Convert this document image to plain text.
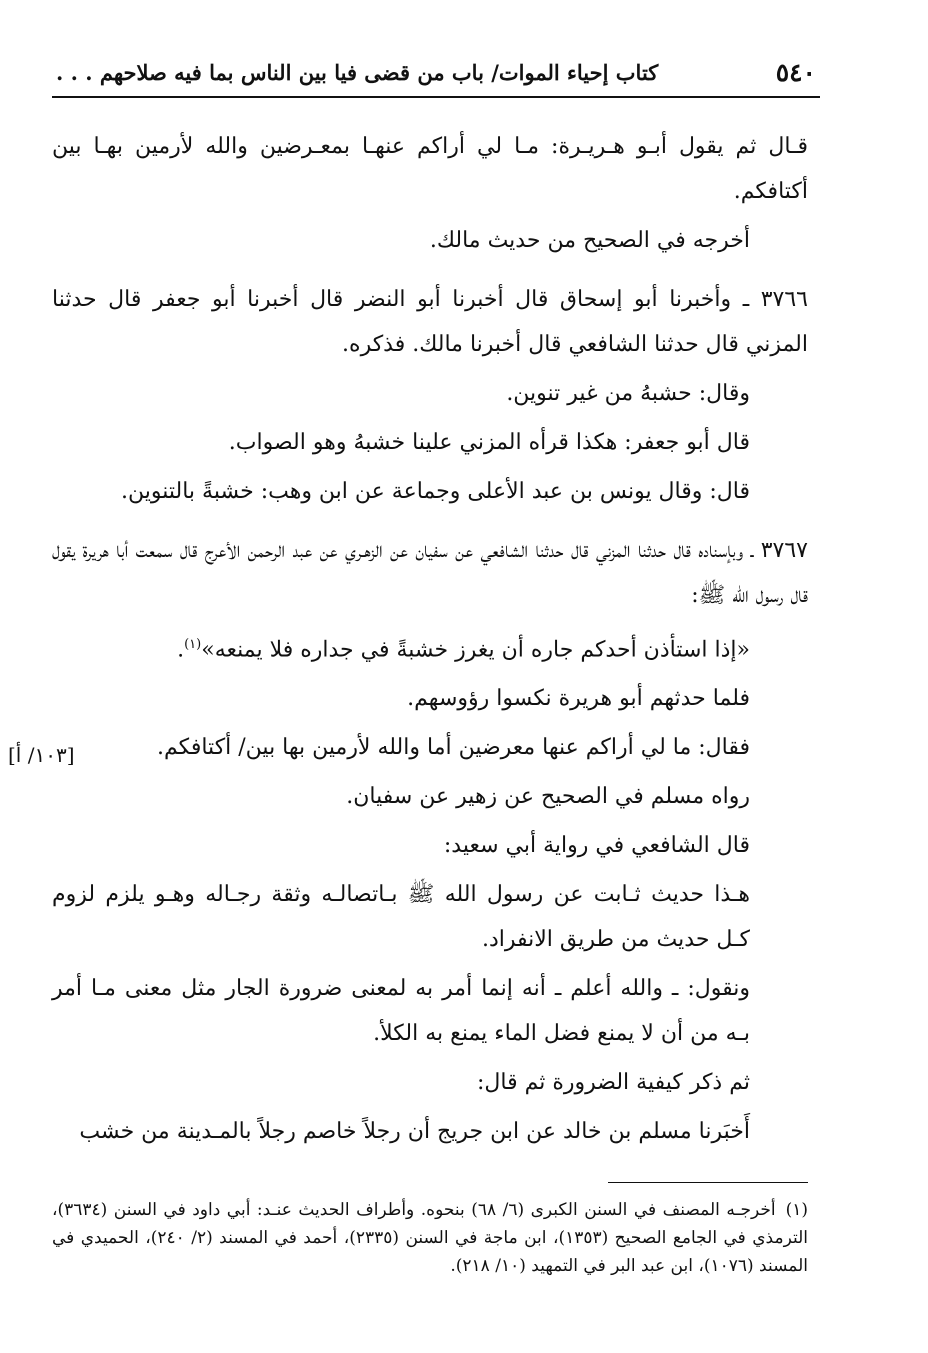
٥٤٠
كتاب إحياء الموات/ باب من قضى فيا بين الناس بما فيه صلاحهم . . .
[١٠٣/ أ]

قـال ثم يقول أبـو هـريـرة: مـا لي أراكم عنهـا بمعـرضين والله لأرمين بهـا بين أكتافكم.

أخرجه في الصحيح من حديث مالك.

٣٧٦٦ ـ وأخبرنا أبو إسحاق قال أخبرنا أبو النضر قال أخبرنا أبو جعفر قال حدثنا المزني قال حدثنا الشافعي قال أخبرنا مالك. فذكره.

وقال: حشبهُ من غير تنوين.

قال أبو جعفر: هكذا قرأه المزني علينا خشبهُ وهو الصواب.

قال: وقال يونس بن عبد الأعلى وجماعة عن ابن وهب: خشبةً بالتنوين.

٣٧٦٧ ـ وبإسناده قال حدثنا المزني قال حدثنا الشافعي عن سفيان عن الزهـري عن عبد الرحمن الأعرج قال سمعت أبا هريرة يقول قال رسول الله ﷺ:

«إذا استأذن أحدكم جاره أن يغرز خشبةً في جداره فلا يمنعه»$^{(١)}$.

فلما حدثهم أبو هريرة نكسوا رؤوسهم.

فقال: ما لي أراكم عنها معرضين أما والله لأرمين بها بين/ أكتافكم.

رواه مسلم في الصحيح عن زهير عن سفيان.

قال الشافعي في رواية أبي سعيد:

هـذا حديث ثـابت عن رسول الله ﷺ بـاتصالـه وثقة رجـاله وهـو يلزم لزوم كـل حديث من طريق الانفراد.

ونقول: ـ والله أعلم ـ أنه إنما أمر به لمعنى ضرورة الجار مثل معنى مـا أمر بـه من أن لا يمنع فضل الماء يمنع به الكلأ.

ثم ذكر كيفية الضرورة ثم قال:

أَخبَرنا مسلم بن خالد عن ابن جريج أن رجلاً خاصم رجلاً بالمـدينة من خشب

(١)أخرجـه المصنف في السنن الكبرى (٦/ ٦٨) بنحوه. وأطراف الحديث عنـد: أبي داود في السنن (٣٦٣٤)، الترمذي في الجامع الصحيح (١٣٥٣)، ابن ماجة في السنن (٢٣٣٥)، أحمد في المسند (٢/ ٢٤٠)، الحميدي في المسند (١٠٧٦)، ابن عبد البر في التمهيد (١٠/ ٢١٨).
